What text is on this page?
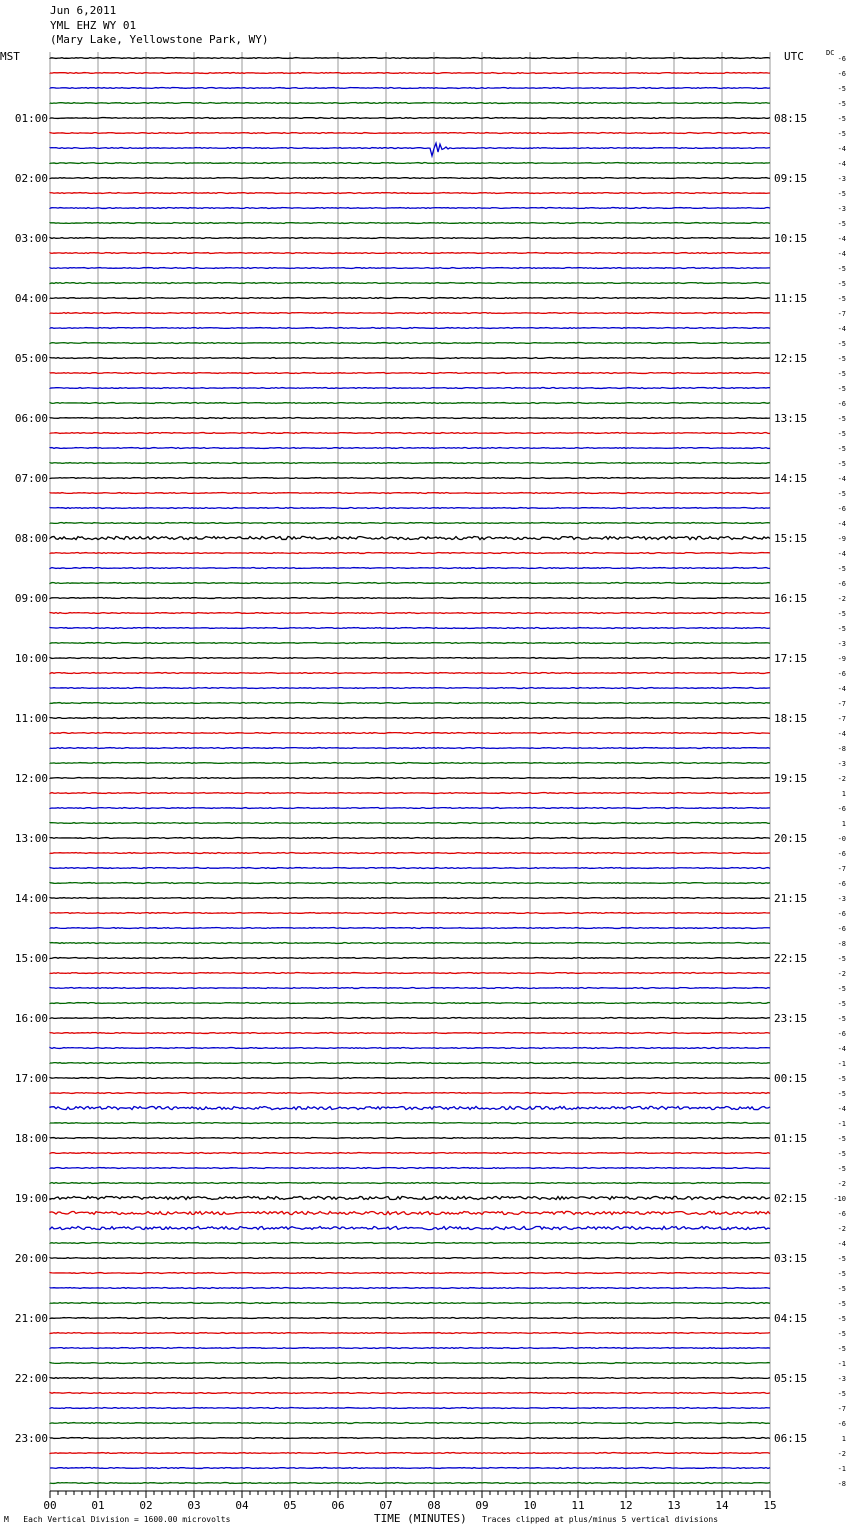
Jun 6,2011
YML EHZ WY 01
(Mary Lake, Yellowstone Park, WY)
MST	UTC	DC
-6
-6
-5
-5
-5
-5
-4
-4
-3
-5
-3
-5
-4
-4
-5
-5
-5
-7
-4
-5
-5
-5
-5
-6
-5
-5
-5
-5
-4
-5
-6
-4
-9
-4
-5
-6
-2
-5
-5
-3
-9
-6
-4
-7
-7
-4
-8
-3
-2
1
-6
1
-0
-6
-7
-6
-3
-6
-6
-8
-5
-2
-5
-5
-5
-6
-4
-1
-5
-5
-4
-1
-5
-5
-5
-2
-10
-6
-2
-4
-5
-5
-5
-5
-5
-5
-5
-1
-3
-5
-7
-6
1
-2
-1
-8
01:00	08:15
02:00	09:15
03:00	10:15
04:00	11:15
05:00	12:15
06:00	13:15
07:00	14:15
08:00	15:15
09:00	16:15
10:00	17:15
11:00	18:15
12:00	19:15
13:00	20:15
14:00	21:15
15:00	22:15
16:00	23:15
17:00	00:15
18:00	01:15
19:00	02:15
20:00	03:15
21:00	04:15
22:00	05:15
23:00	06:15
00	01	02	03	04	05	06	07	08	09	10	11	12	13	14	15
M Each Vertical Division = 1600.00 microvolts	TIME (MINUTES) Traces clipped at plus/minus 5 vertical divisions
